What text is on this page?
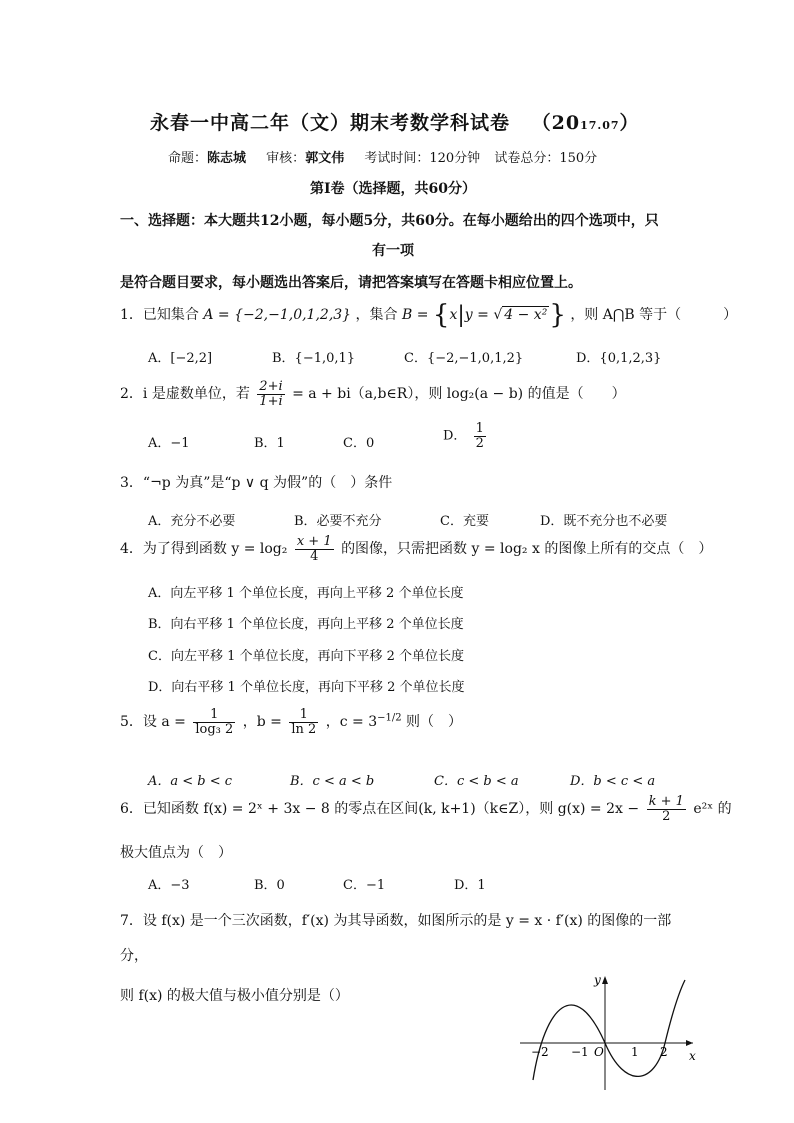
永春一中高二年（文）期末考数学科试卷 （2017.07）
命题：陈志城 审核：郭文伟 考试时间：120分钟 试卷总分：150分
第Ⅰ卷（选择题，共60分）
一、选择题：本大题共12小题，每小题5分，共60分。在每小题给出的四个选项中，只
有一项
是符合题目要求，每小题选出答案后，请把答案填写在答题卡相应位置上。
1．已知集合 A = {−2,−1,0,1,2,3} ，集合 B = {x|y = √ 4 − x²} ，则 A⋂B 等于（　　　）
A．[−2,2]	B．{−1,0,1}	C．{−2,−1,0,1,2}	D．{0,1,2,3}
2．i 是虚数单位，若 $\frac{2+i}{1+i} = a$ + bi（a,b∈R），则 log₂(a − b) 的值是（　　）
A．−1	B．1	C．0	D． $\frac{1}{2}$
3．“¬p 为真”是“p ∨ q 为假”的（　）条件
A．充分不必要	B．必要不充分	C．充要	D．既不充分也不必要
4．为了得到函数 $y = \log_2 \frac{x + 1}{4}$ 的图像，只需把函数 y = log₂ x 的图像上所有的交点（　）
A．向左平移 1 个单位长度，再向上平移 2 个单位长度
B．向右平移 1 个单位长度，再向上平移 2 个单位长度
C．向左平移 1 个单位长度，再向下平移 2 个单位长度
D．向右平移 1 个单位长度，再向下平移 2 个单位长度
5．设 $a = \frac{1}{\text{log₃ 2}}$ ，$b = \frac{1}{\ln 2}$ ，$c = 3^{-1/2}$ 则（　）
A．a < b < c	B．c < a < b	C．c < b < a	D．b < c < a
6．已知函数 f(x) = 2ˣ + 3x − 8 的零点在区间(k, k+1)（k∈Z），则 $g(x) = 2x - \frac{k + 1}{2}$ e²ˣ 的
极大值点为（　）
A．−3	B．0	C．−1	D．1
7．设 f(x) 是一个三次函数，f′(x) 为其导函数，如图所示的是 y = x · f′(x) 的图像的一部
分，
则 f(x) 的极大值与极小值分别是（）
y
x
O
−2 −1	1 2
